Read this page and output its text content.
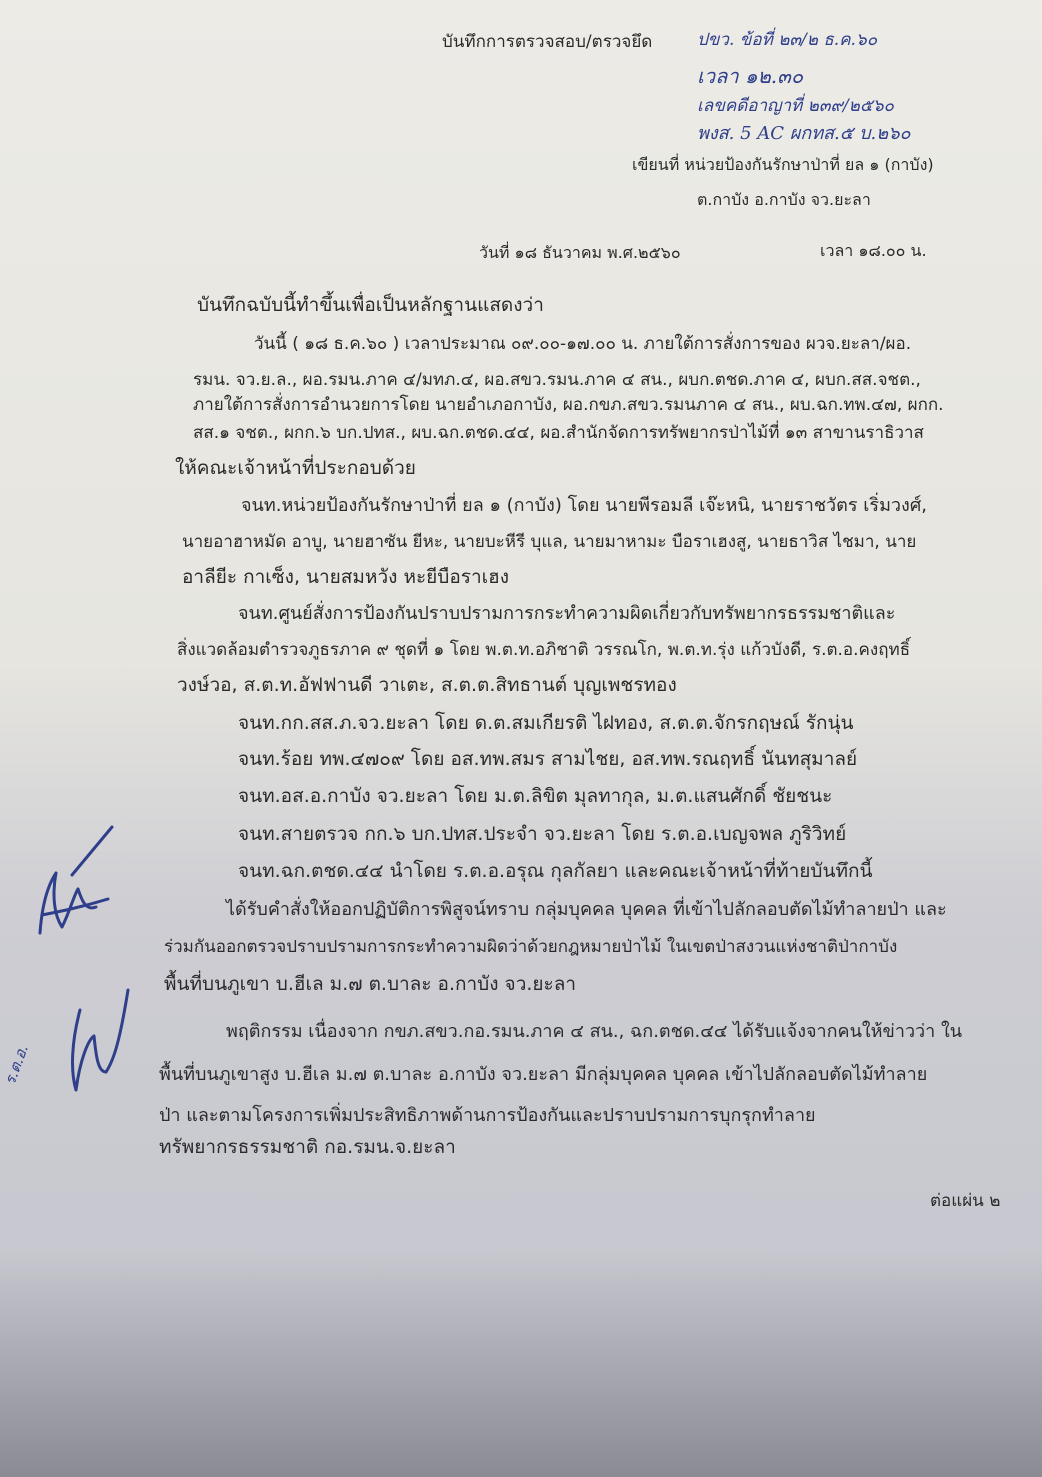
บันทึกการตรวจสอบ/ตรวจยึด	ปขว. ข้อที่ ๒๓/๒ ธ.ค.๖๐
เวลา ๑๒.๓๐
เลขคดีอาญาที่ ๒๓๙/๒๕๖๐
พงส. 5 AC ผกทส.๕ บ.๒๖๐
เขียนที่ หน่วยป้องกันรักษาป่าที่ ยล ๑ (กาบัง)
ต.กาบัง อ.กาบัง จว.ยะลา
วันที่ ๑๘ ธันวาคม พ.ศ.๒๕๖๐	เวลา ๑๘.๐๐ น.
บันทึกฉบับนี้ทำขึ้นเพื่อเป็นหลักฐานแสดงว่า
วันนี้ ( ๑๘ ธ.ค.๖๐ ) เวลาประมาณ ๐๙.๐๐-๑๗.๐๐ น. ภายใต้การสั่งการของ ผวจ.ยะลา/ผอ.
รมน. จว.ย.ล., ผอ.รมน.ภาค ๔/มทภ.๔, ผอ.สขว.รมน.ภาค ๔ สน., ผบก.ตชด.ภาค ๔, ผบก.สส.จชต.,
ภายใต้การสั่งการอำนวยการโดย นายอำเภอกาบัง, ผอ.กขภ.สขว.รมนภาค ๔ สน., ผบ.ฉก.ทพ.๔๗, ผกก.
สส.๑ จชต., ผกก.๖ บก.ปทส., ผบ.ฉก.ตชด.๔๔, ผอ.สำนักจัดการทรัพยากรป่าไม้ที่ ๑๓ สาขานราธิวาส
ให้คณะเจ้าหน้าที่ประกอบด้วย
จนท.หน่วยป้องกันรักษาป่าที่ ยล ๑ (กาบัง) โดย นายพีรอมลี เจ๊ะหนิ, นายราชวัตร เริ่มวงศ์,
นายอาฮาหมัด อาบู, นายฮาซัน ยีหะ, นายบะหีรี บุแล, นายมาหามะ บือราเฮงสู, นายธาวิส ไชมา, นาย
อาลียีะ กาเซ็ง, นายสมหวัง หะยีบือราเฮง
จนท.ศูนย์สั่งการป้องกันปราบปรามการกระทำความผิดเกี่ยวกับทรัพยากรธรรมชาติและ
สิ่งแวดล้อมตำรวจภูธรภาค ๙ ชุดที่ ๑ โดย พ.ต.ท.อภิชาติ วรรณโก, พ.ต.ท.รุ่ง แก้วบังดี, ร.ต.อ.คงฤทธิ์
วงษ์วอ, ส.ต.ท.อัฟฟานดี วาเตะ, ส.ต.ต.สิทธานต์ บุญเพชรทอง
จนท.กก.สส.ภ.จว.ยะลา โดย ด.ต.สมเกียรติ ไฝทอง, ส.ต.ต.จักรกฤษณ์ รักนุ่น
จนท.ร้อย ทพ.๔๗๐๙ โดย อส.ทพ.สมร สามไชย, อส.ทพ.รณฤทธิ์ นันทสุมาลย์
จนท.อส.อ.กาบัง จว.ยะลา โดย ม.ต.ลิขิต มุลทากุล, ม.ต.แสนศักดิ์ ชัยชนะ
จนท.สายตรวจ กก.๖ บก.ปทส.ประจำ จว.ยะลา โดย ร.ต.อ.เบญจพล ภูริวิทย์
จนท.ฉก.ตชด.๔๔ นำโดย ร.ต.อ.อรุณ กุลกัลยา และคณะเจ้าหน้าที่ท้ายบันทึกนี้
ได้รับคำสั่งให้ออกปฏิบัติการพิสูจน์ทราบ กลุ่มบุคคล บุคคล ที่เข้าไปลักลอบตัดไม้ทำลายป่า และ
ร่วมกันออกตรวจปราบปรามการกระทำความผิดว่าด้วยกฎหมายป่าไม้ ในเขตป่าสงวนแห่งชาติป่ากาบัง
พื้นที่บนภูเขา บ.ฮีเล ม.๗ ต.บาละ อ.กาบัง จว.ยะลา
พฤติกรรม เนื่องจาก กขภ.สขว.กอ.รมน.ภาค ๔ สน., ฉก.ตชด.๔๔ ได้รับแจ้งจากคนให้ข่าวว่า ใน
พื้นที่บนภูเขาสูง บ.ฮีเล ม.๗ ต.บาละ อ.กาบัง จว.ยะลา มีกลุ่มบุคคล บุคคล เข้าไปลักลอบตัดไม้ทำลาย
ป่า และตามโครงการเพิ่มประสิทธิภาพด้านการป้องกันและปราบปรามการบุกรุกทำลาย
ทรัพยากรธรรมชาติ กอ.รมน.จ.ยะลา
ต่อแผ่น ๒
ร.ต.อ.
